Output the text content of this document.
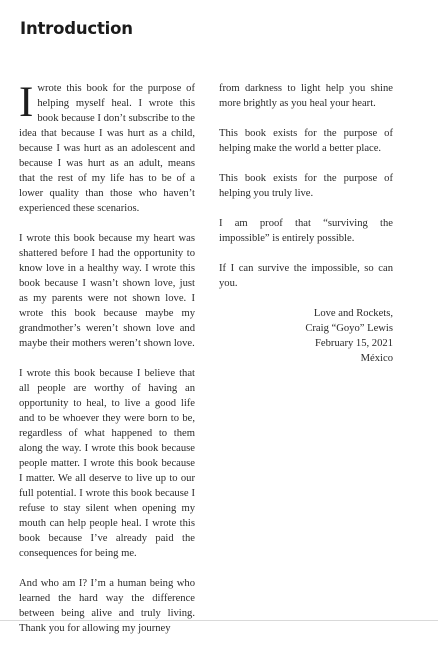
Introduction

I wrote this book for the purpose of helping myself heal. I wrote this book because I don’t subscribe to the idea that because I was hurt as a child, because I was hurt as an adolescent and because I was hurt as an adult, means that the rest of my life has to be of a lower quality than those who haven’t experienced these scenarios.

I wrote this book because my heart was shattered before I had the opportunity to know love in a healthy way. I wrote this book because I wasn’t shown love, just as my parents were not shown love. I wrote this book because maybe my grandmother’s weren’t shown love and maybe their mothers weren’t shown love.

I wrote this book because I believe that all people are worthy of having an opportunity to heal, to live a good life and to be whoever they were born to be, regardless of what happened to them along the way. I wrote this book because people matter. I wrote this book because I matter. We all deserve to live up to our full potential. I wrote this book because I refuse to stay silent when opening my mouth can help people heal. I wrote this book because I’ve already paid the consequences for being me.

And who am I? I’m a human being who learned the hard way the difference between being alive and truly living. Thank you for allowing my journey

from darkness to light help you shine more brightly as you heal your heart.

This book exists for the purpose of helping make the world a better place.

This book exists for the purpose of helping you truly live.

I am proof that “surviving the impossible” is entirely possible.

If I can survive the impossible, so can you.

Love and Rockets,
Craig “Goyo” Lewis
February 15, 2021
México
